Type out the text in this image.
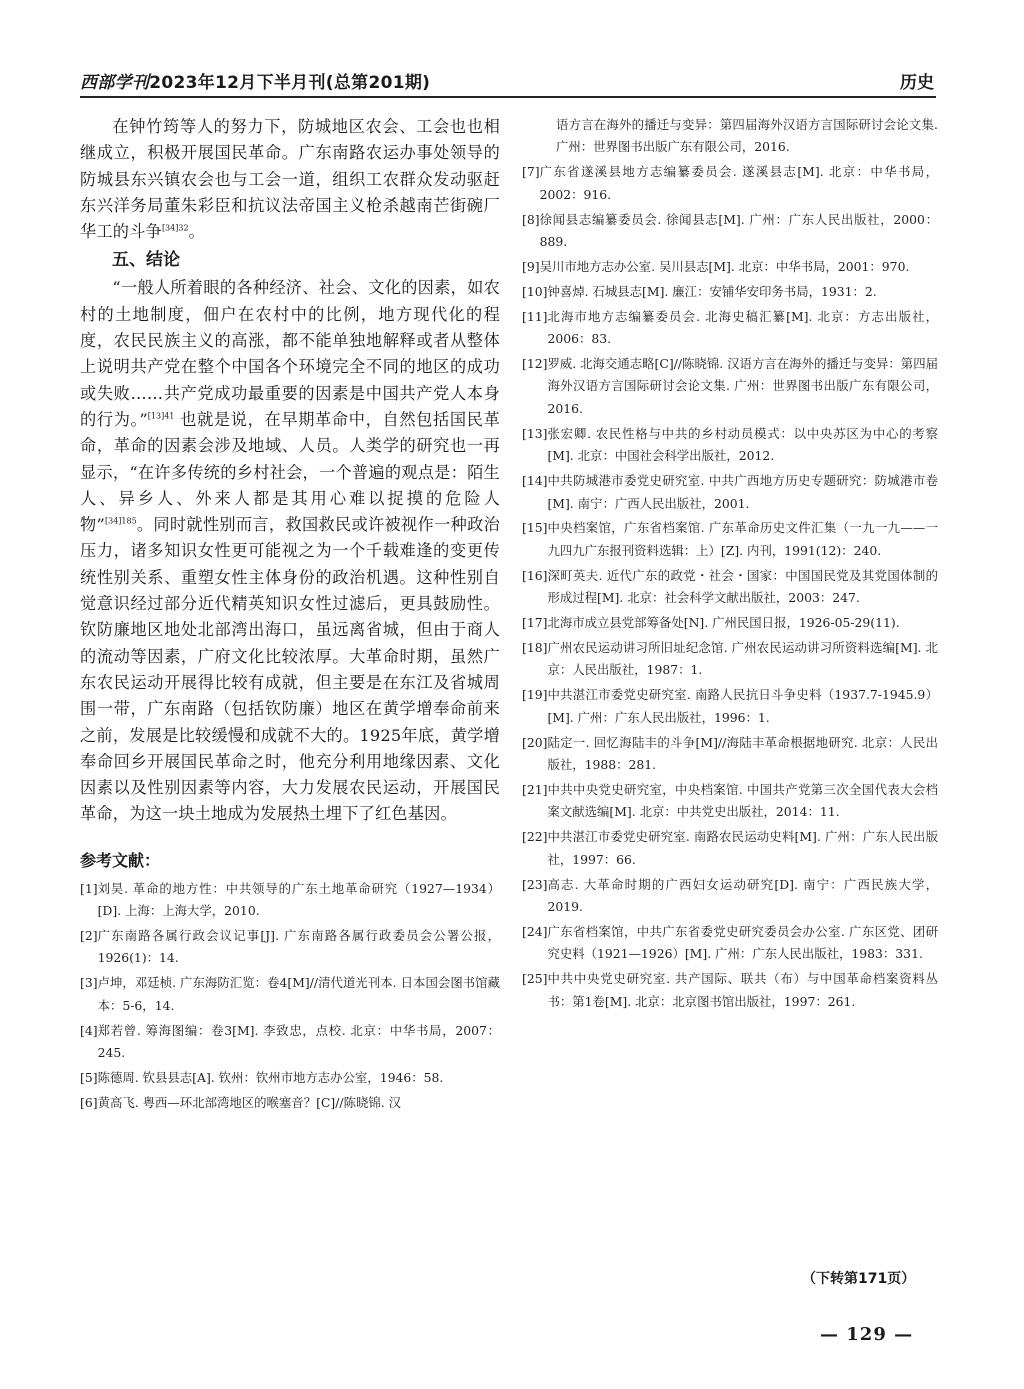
西部学刊2023年12月下半月刊(总第201期)	历史

在钟竹筠等人的努力下，防城地区农会、工会也也相继成立，积极开展国民革命。广东南路农运办事处领导的防城县东兴镇农会也与工会一道，组织工农群众发动驱赶东兴洋务局董朱彩臣和抗议法帝国主义枪杀越南芒街碗厂华工的斗争$^{[34]32}$。

五、结论

“一般人所着眼的各种经济、社会、文化的因素，如农村的土地制度，佃户在农村中的比例，地方现代化的程度，农民民族主义的高涨，都不能单独地解释或者从整体上说明共产党在整个中国各个环境完全不同的地区的成功或失败……共产党成功最重要的因素是中国共产党人本身的行为。”$^{[13]41}$ 也就是说，在早期革命中，自然包括国民革命，革命的因素会涉及地域、人员。人类学的研究也一再显示，“在许多传统的乡村社会，一个普遍的观点是：陌生人、异乡人、外来人都是其用心难以捉摸的危险人物”$^{[34]185}$。同时就性别而言，救国救民或许被视作一种政治压力，诸多知识女性更可能视之为一个千载难逢的变更传统性别关系、重塑女性主体身份的政治机遇。这种性别自觉意识经过部分近代精英知识女性过滤后，更具鼓励性。钦防廉地区地处北部湾出海口，虽远离省城，但由于商人的流动等因素，广府文化比较浓厚。大革命时期，虽然广东农民运动开展得比较有成就，但主要是在东江及省城周围一带，广东南路（包括钦防廉）地区在黄学增奉命前来之前，发展是比较缓慢和成就不大的。1925年底，黄学增奉命回乡开展国民革命之时，他充分利用地缘因素、文化因素以及性别因素等内容，大力发展农民运动，开展国民革命，为这一块土地成为发展热土埋下了红色基因。

参考文献：
[1] 刘昊. 革命的地方性：中共领导的广东土地革命研究（1927—1934）[D]. 上海：上海大学，2010.
[2] 广东南路各属行政会议记事[J]. 广东南路各属行政委员会公署公报，1926(1)：14.
[3] 卢坤，邓廷桢. 广东海防汇览：卷4[M]//清代道光刊本. 日本国会图书馆藏本：5-6，14.
[4] 郑若曾. 筹海图编：卷3[M]. 李致忠，点校. 北京：中华书局，2007：245.
[5] 陈德周. 钦县县志[A]. 钦州：钦州市地方志办公室，1946：58.
[6] 黄高飞. 粤西—环北部湾地区的喉塞音？[C]//陈晓锦. 汉
语方言在海外的播迁与变异：第四届海外汉语方言国际研讨会论文集. 广州：世界图书出版广东有限公司，2016.
[7] 广东省遂溪县地方志编纂委员会. 遂溪县志[M]. 北京：中华书局，2002：916.
[8] 徐闻县志编纂委员会. 徐闻县志[M]. 广州：广东人民出版社，2000：889.
[9] 吴川市地方志办公室. 吴川县志[M]. 北京：中华书局，2001：970.
[10] 钟喜焯. 石城县志[M]. 廉江：安铺华安印务书局，1931：2.
[11] 北海市地方志编纂委员会. 北海史稿汇纂[M]. 北京：方志出版社，2006：83.
[12] 罗威. 北海交通志略[C]//陈晓锦. 汉语方言在海外的播迁与变异：第四届海外汉语方言国际研讨会论文集. 广州：世界图书出版广东有限公司，2016.
[13] 张宏卿. 农民性格与中共的乡村动员模式：以中央苏区为中心的考察[M]. 北京：中国社会科学出版社，2012.
[14] 中共防城港市委党史研究室. 中共广西地方历史专题研究：防城港市卷[M]. 南宁：广西人民出版社，2001.
[15] 中央档案馆，广东省档案馆. 广东革命历史文件汇集（一九一九——一九四九广东报刊资料选辑：上）[Z]. 内刊，1991(12)：240.
[16] 深町英夫. 近代广东的政党・社会・国家：中国国民党及其党国体制的形成过程[M]. 北京：社会科学文献出版社，2003：247.
[17] 北海市成立县党部筹备处[N]. 广州民国日报，1926-05-29(11).
[18] 广州农民运动讲习所旧址纪念馆. 广州农民运动讲习所资料选编[M]. 北京：人民出版社，1987：1.
[19] 中共湛江市委党史研究室. 南路人民抗日斗争史料（1937.7-1945.9）[M]. 广州：广东人民出版社，1996：1.
[20] 陆定一. 回忆海陆丰的斗争[M]//海陆丰革命根据地研究. 北京：人民出版社，1988：281.
[21] 中共中央党史研究室，中央档案馆. 中国共产党第三次全国代表大会档案文献选编[M]. 北京：中共党史出版社，2014：11.
[22] 中共湛江市委党史研究室. 南路农民运动史料[M]. 广州：广东人民出版社，1997：66.
[23] 高志. 大革命时期的广西妇女运动研究[D]. 南宁：广西民族大学，2019.
[24] 广东省档案馆，中共广东省委党史研究委员会办公室. 广东区党、团研究史料（1921—1926）[M]. 广州：广东人民出版社，1983：331.
[25] 中共中央党史研究室. 共产国际、联共（布）与中国革命档案资料丛书：第1卷[M]. 北京：北京图书馆出版社，1997：261.
（下转第171页）
— 129 —
